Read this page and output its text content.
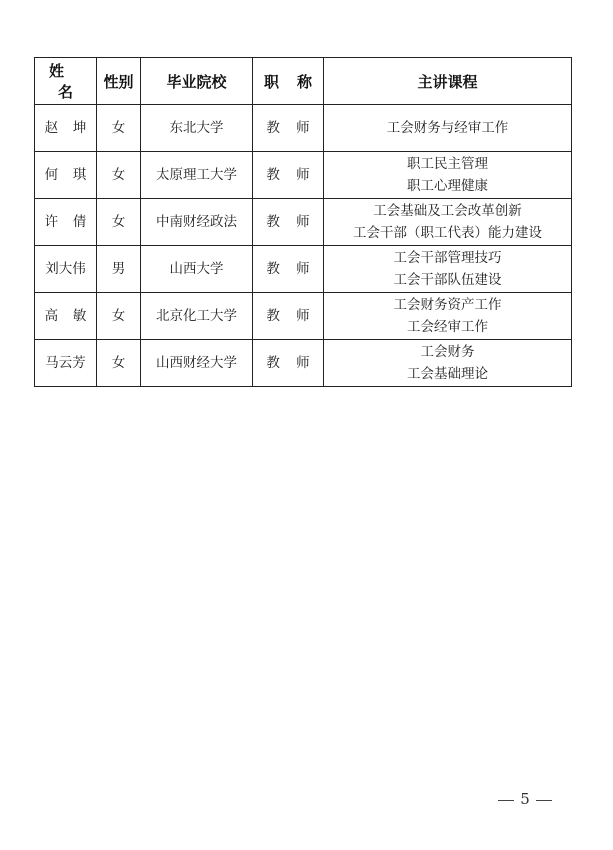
姓名	性别	毕业院校	职称	主讲课程
赵坤	女	东北大学	教师	工会财务与经审工作

何琪	女	太原理工大学	教师	职工民主管理
职工心理健康

许倩	女	中南财经政法	教师	工会基础及工会改革创新
工会干部（职工代表）能力建设

刘大伟	男	山西大学	教师	工会干部管理技巧
工会干部队伍建设

高敏	女	北京化工大学	教师	工会财务资产工作
工会经审工作

马云芳	女	山西财经大学	教师	工会财务
工会基础理论
5
